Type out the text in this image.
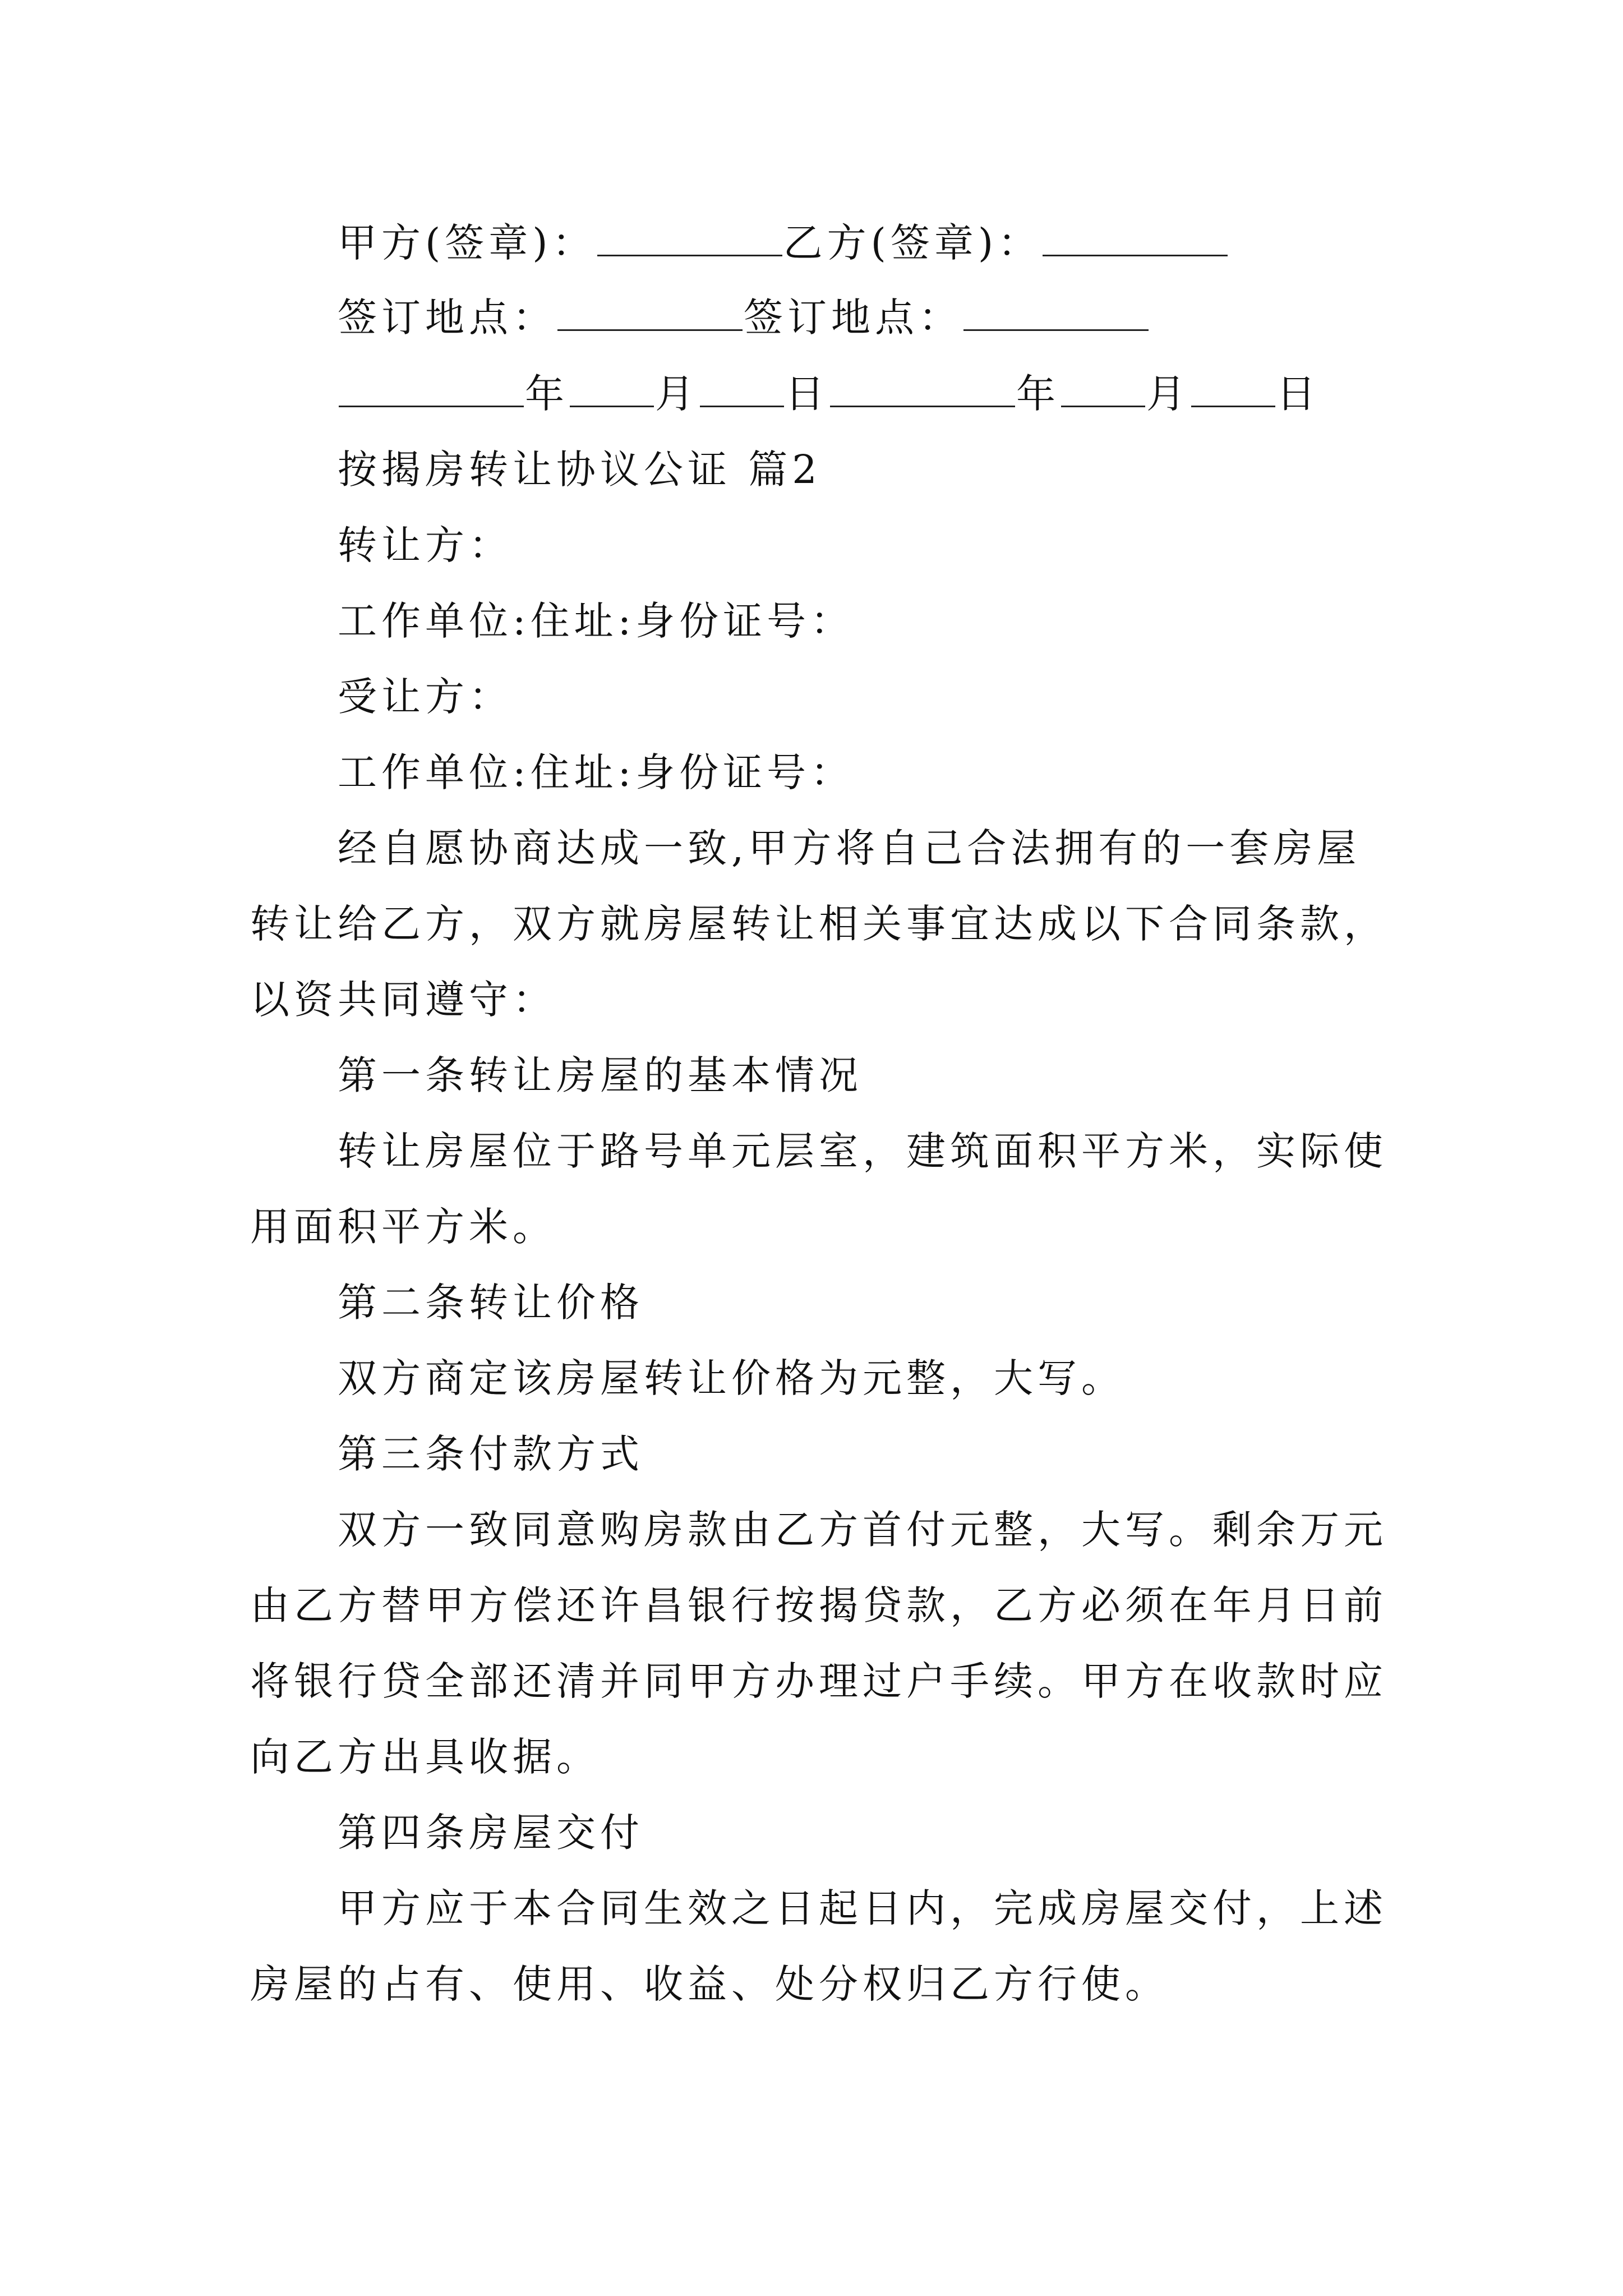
甲方(签章)：	乙方(签章)：
签订地点：	签订地点：
年 月 日	年 月 日
按揭房转让协议公证 篇2
转让方：
工作单位:住址:身份证号：
受让方：
工作单位:住址:身份证号：
经自愿协商达成一致,甲方将自己合法拥有的一套房屋
转让给乙方，双方就房屋转让相关事宜达成以下合同条款，
以资共同遵守：
第一条转让房屋的基本情况
转让房屋位于路号单元层室，建筑面积平方米，实际使
用面积平方米。
第二条转让价格
双方商定该房屋转让价格为元整，大写。
第三条付款方式
双方一致同意购房款由乙方首付元整，大写。剩余万元
由乙方替甲方偿还许昌银行按揭贷款，乙方必须在年月日前
将银行贷全部还清并同甲方办理过户手续。甲方在收款时应
向乙方出具收据。
第四条房屋交付
甲方应于本合同生效之日起日内，完成房屋交付，上述
房屋的占有、使用、收益、处分权归乙方行使。
